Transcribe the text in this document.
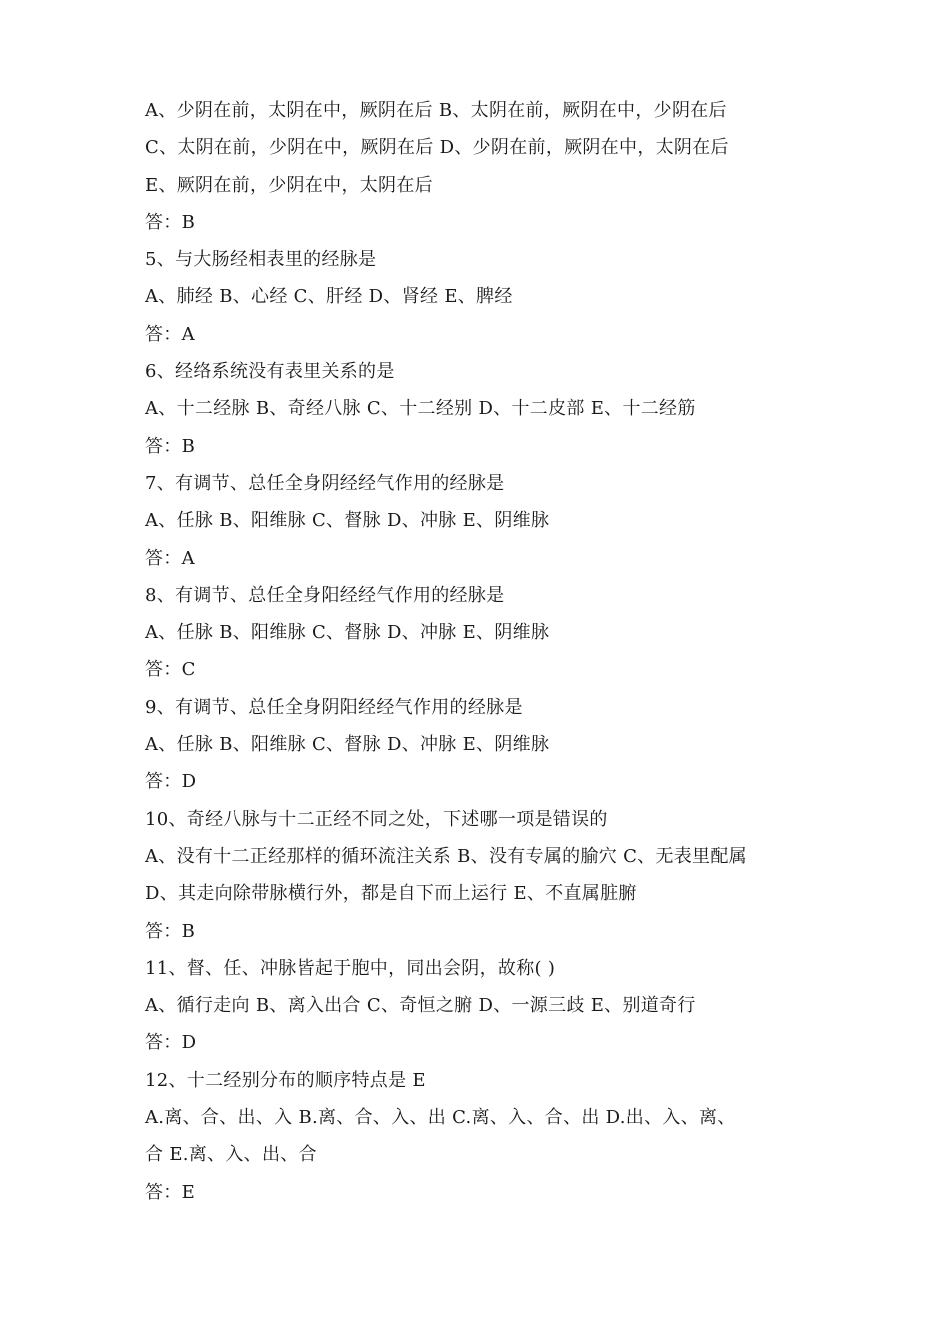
A、少阴在前，太阴在中，厥阴在后 B、太阴在前，厥阴在中，少阴在后
C、太阴在前，少阴在中，厥阴在后 D、少阴在前，厥阴在中，太阴在后
E、厥阴在前，少阴在中，太阴在后
答：B
5、与大肠经相表里的经脉是
A、肺经 B、心经 C、肝经 D、肾经 E、脾经
答：A
6、经络系统没有表里关系的是
A、十二经脉 B、奇经八脉 C、十二经别 D、十二皮部 E、十二经筋
答：B
7、有调节、总任全身阴经经气作用的经脉是
A、任脉 B、阳维脉 C、督脉 D、冲脉 E、阴维脉
答：A
8、有调节、总任全身阳经经气作用的经脉是
A、任脉 B、阳维脉 C、督脉 D、冲脉 E、阴维脉
答：C
9、有调节、总任全身阴阳经经气作用的经脉是
A、任脉 B、阳维脉 C、督脉 D、冲脉 E、阴维脉
答：D
10、奇经八脉与十二正经不同之处，下述哪一项是错误的
A、没有十二正经那样的循环流注关系 B、没有专属的腧穴 C、无表里配属
D、其走向除带脉横行外，都是自下而上运行 E、不直属脏腑
答：B
11、督、任、冲脉皆起于胞中，同出会阴，故称( )
A、循行走向 B、离入出合 C、奇恒之腑 D、一源三歧 E、别道奇行
答：D
12、十二经别分布的顺序特点是 E
A.离、合、出、入 B.离、合、入、出 C.离、入、合、出 D.出、入、离、
合 E.离、入、出、合
答：E
